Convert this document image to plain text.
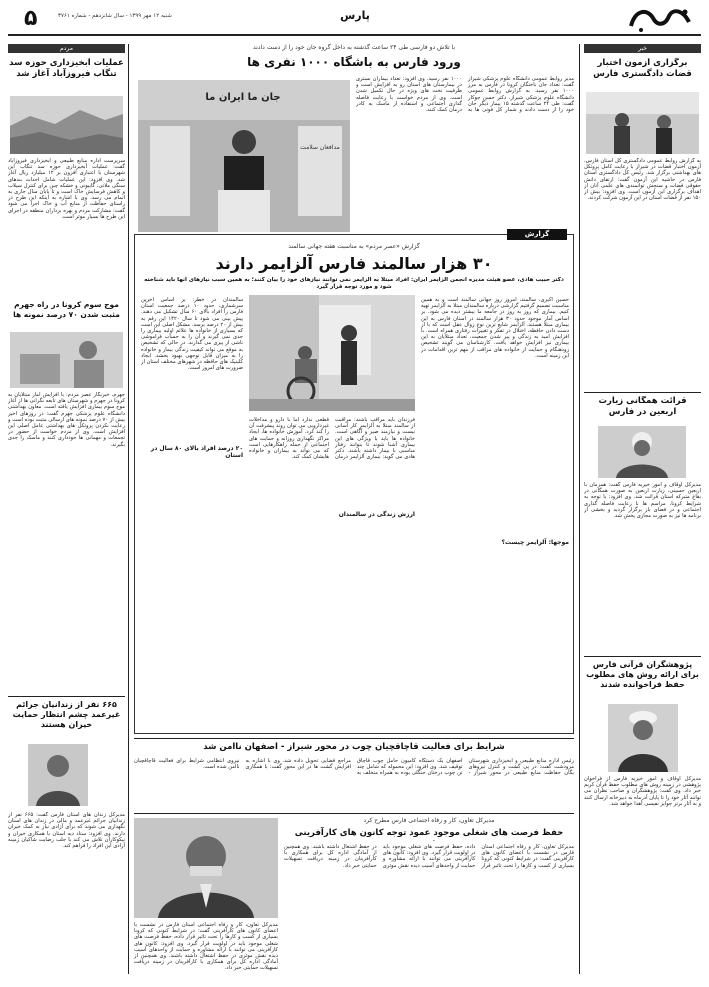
۵	شنبه ۱۲ مهر ۱۳۹۹ - سال شانزدهم - شماره ۳۷۶۱	پارس
مردم
عملیات آبخیزداری حوزه سد تنگاب فیروزآباد آغاز شد
سرپرست اداره منابع طبیعی و آبخیزداری فیروزآباد گفت: عملیات آبخیزداری حوزه سد تنگاب این شهرستان با اعتباری افزون بر ۱۲ میلیارد ریال آغاز شد. وی افزود: این عملیات شامل احداث بندهای سنگی ملاتی، گابیونی و خشکه چین برای کنترل سیلاب و کاهش فرسایش خاک است و تا پایان سال جاری به اتمام می رسد. وی با اشاره به اینکه این طرح در راستای حفاظت از منابع آب و خاک اجرا می شود گفت: مشارکت مردم و بهره برداران منطقه در اجرای این طرح ها بسیار موثر است.
موج سوم کرونا در راه جهرم مثبت شدن ۷۰ درصد نمونه ها
جهرم، خبرنگار عصر مردم: با افزایش آمار مبتلایان به کرونا در جهرم و شهرستان های تابعه نگرانی ها از آغاز موج سوم بیماری افزایش یافته است. معاون بهداشتی دانشگاه علوم پزشکی جهرم گفت: در روزهای اخیر بیش از ۷۰ درصد نمونه های ارسالی مثبت بوده است و رعایت نکردن پروتکل های بهداشتی عامل اصلی این افزایش است. وی از مردم خواست از حضور در تجمعات و مهمانی ها خودداری کنند و ماسک را جدی بگیرند.
۶۶۵ نفر از زندانیان جرائم غیرعمد چشم انتظار حمایت خیران هستند
مدیرکل زندان های استان فارس گفت: ۶۶۵ نفر از زندانیان جرائم غیرعمد و مالی در زندان های استان نگهداری می شوند که برای آزادی نیاز به کمک خیران دارند. وی افزود: ستاد دیه استان با همکاری خیران و نیکوکاران تلاش می کند با جلب رضایت شاکیان زمینه آزادی این افراد را فراهم کند.
با تلاش دو فارسی طی ۲۴ ساعت گذشته به داخل گروه جان خود را از دست دادند
ورود فارس به باشگاه ۱۰۰۰ نفری ها
مدیر روابط عمومی دانشگاه علوم پزشکی شیراز گفت: تعداد جان باختگان کرونا در فارس به مرز ۱۰۰۰ نفر رسید. به گزارش روابط عمومی دانشگاه علوم پزشکی شیراز، دکتر حسن جوکار گفت: طی ۲۴ ساعت گذشته ۱۵ بیمار دیگر جان خود را از دست دادند و شمار کل فوتی ها به ۱۰۰۰ نفر رسید. وی افزود: تعداد بیماران بستری در بیمارستان های استان رو به افزایش است و ظرفیت تخت های ویژه در حال تکمیل شدن است. وی از مردم خواست با رعایت فاصله گذاری اجتماعی و استفاده از ماسک به کادر درمان کمک کنند.
جان ما ایران ما
مدافعان سلامت
گزارش
گزارش «عصر مردم» به مناسبت هفته جهانی سالمند
۳۰ هزار سالمند فارس آلزایمر دارند
دکتر حبیب هادی، عضو هیئت مدیره انجمن آلزایمر ایران: افراد مبتلا به آلزایمر نمی توانند نیازهای خود را بیان کنند؛ به همین سبب نیازهای آنها باید شناخته شود و مورد توجه قرار گیرد
حسین اکبری، سالمند، امروز روز جهانی سالمند است و به همین مناسبت تصمیم گرفتیم گزارشی درباره سالمندان مبتلا به آلزایمر تهیه کنیم. بیماری که روز به روز در جامعه ما بیشتر دیده می شود. بر اساس آمار موجود حدود ۳۰ هزار سالمند در استان فارس به این بیماری مبتلا هستند. آلزایمر شایع ترین نوع زوال عقل است که با از دست دادن حافظه، اختلال در تفکر و تغییرات رفتاری همراه است. با افزایش امید به زندگی و پیر شدن جمعیت، تعداد مبتلایان به این بیماری نیز افزایش خواهد یافت. کارشناسان می گویند تشخیص زودهنگام و حمایت از خانواده های مراقب از مهم ترین اقدامات در این زمینه است.
فرزندان باید مراقب باشند: مراقبت از سالمند مبتلا به آلزایمر کار آسانی نیست و نیازمند صبر و آگاهی است. خانواده ها باید با ویژگی های این بیماری آشنا شوند تا بتوانند رفتار مناسبی با بیمار داشته باشند. دکتر هادی می گوید: بیماری آلزایمر درمان قطعی ندارد اما با دارو و مداخلات غیردارویی می توان روند پیشرفت آن را کند کرد. آموزش خانواده ها، ایجاد مراکز نگهداری روزانه و حمایت های اجتماعی از جمله راهکارهایی است که می تواند به بیماران و خانواده هایشان کمک کند.
سالمندان در خطر: بر اساس آخرین سرشماری، حدود ۱۰ درصد جمعیت استان فارس را افراد بالای ۶۰ سال تشکیل می دهند. پیش بینی می شود تا سال ۱۴۲۰ این رقم به بیش از ۲۰ درصد برسد. مشکل اصلی این است که بسیاری از خانواده ها علائم اولیه بیماری را جدی نمی گیرند و آن را به حساب فراموشی ناشی از پیری می گذارند. در حالی که تشخیص به موقع می تواند کیفیت زندگی بیمار و خانواده را به میزان قابل توجهی بهبود بخشد. ایجاد کلینیک های حافظه در شهرهای مختلف استان از ضرورت های امروز است.
موجها: آلزایمر چیست؟
ارزش زندگی در سالمندان
۲۰ درصد افراد بالای ۸۰ سال در استان
شرایط برای فعالیت قاچاقچیان چوب در محور شیراز - اصفهان ناامن شد
رئیس اداره منابع طبیعی و آبخیزداری شهرستان مرودشت گفت: در پی گشت و کنترل نیروهای یگان حفاظت منابع طبیعی در محور شیراز - اصفهان یک دستگاه کامیون حامل چوب قاچاق توقیف شد. وی افزود: این محموله که شامل چند تن چوب درختان جنگلی بوده به همراه متخلف به مراجع قضایی تحویل داده شد. وی با اشاره به افزایش گشت ها در این محور گفت: با همکاری نیروی انتظامی شرایط برای فعالیت قاچاقچیان ناامن شده است.
مدیرکل تعاون، کار و رفاه اجتماعی فارس مطرح کرد
حفظ فرصت های شغلی موجود عمود توجه کانون های کارآفرینی
مدیرکل تعاون، کار و رفاه اجتماعی استان فارس در نشست با اعضای کانون های کارآفرینی گفت: در شرایط کنونی که کرونا بسیاری از کسب و کارها را تحت تاثیر قرار داده، حفظ فرصت های شغلی موجود باید در اولویت قرار گیرد. وی افزود: کانون های کارآفرینی می توانند با ارائه مشاوره و حمایت از واحدهای آسیب دیده نقش موثری در حفظ اشتغال داشته باشند. وی همچنین از آمادگی اداره کل برای همکاری با کارآفرینان در زمینه دریافت تسهیلات حمایتی خبر داد.
مدیرکل تعاون، کار و رفاه اجتماعی استان فارس در نشست با اعضای کانون های کارآفرینی گفت: در شرایط کنونی که کرونا بسیاری از کسب و کارها را تحت تاثیر قرار داده، حفظ فرصت های شغلی موجود باید در اولویت قرار گیرد. وی افزود: کانون های کارآفرینی می توانند با ارائه مشاوره و حمایت از واحدهای آسیب دیده نقش موثری در حفظ اشتغال داشته باشند. وی همچنین از آمادگی اداره کل برای همکاری با کارآفرینان در زمینه دریافت تسهیلات حمایتی خبر داد.
خبر
برگزاری آزمون اختبار قضات دادگستری فارس
به گزارش روابط عمومی دادگستری کل استان فارس، آزمون اختبار قضات در شیراز با رعایت کامل پروتکل های بهداشتی برگزار شد. رئیس کل دادگستری استان فارس در حاشیه این آزمون گفت: ارتقای دانش حقوقی قضات و سنجش توانمندی های علمی آنان از اهداف برگزاری این آزمون است. وی افزود: بیش از ۱۵۰ نفر از قضات استان در این آزمون شرکت کردند.
قرائت همگانی زیارت اربعین در فارس
مدیرکل اوقاف و امور خیریه فارس گفت: همزمان با اربعین حسینی، زیارت اربعین به صورت همگانی در بقاع متبرکه استان قرائت شد. وی افزود: با توجه به شرایط کرونا، مراسم ها با رعایت فاصله گذاری اجتماعی و در فضای باز برگزار گردید و بخشی از برنامه ها نیز به صورت مجازی پخش شد.
پژوهشگران قرآنی فارس برای ارائه روش های مطلوب حفظ فراخوانده شدند
مدیرکل اوقاف و امور خیریه فارس از فراخوان پژوهشی در زمینه روش های مطلوب حفظ قرآن کریم خبر داد. وی گفت: پژوهشگران و صاحب نظران می توانند آثار خود را تا پایان آذرماه به دبیرخانه ارسال کنند و به آثار برتر جوایز نفیسی اهدا خواهد شد.
